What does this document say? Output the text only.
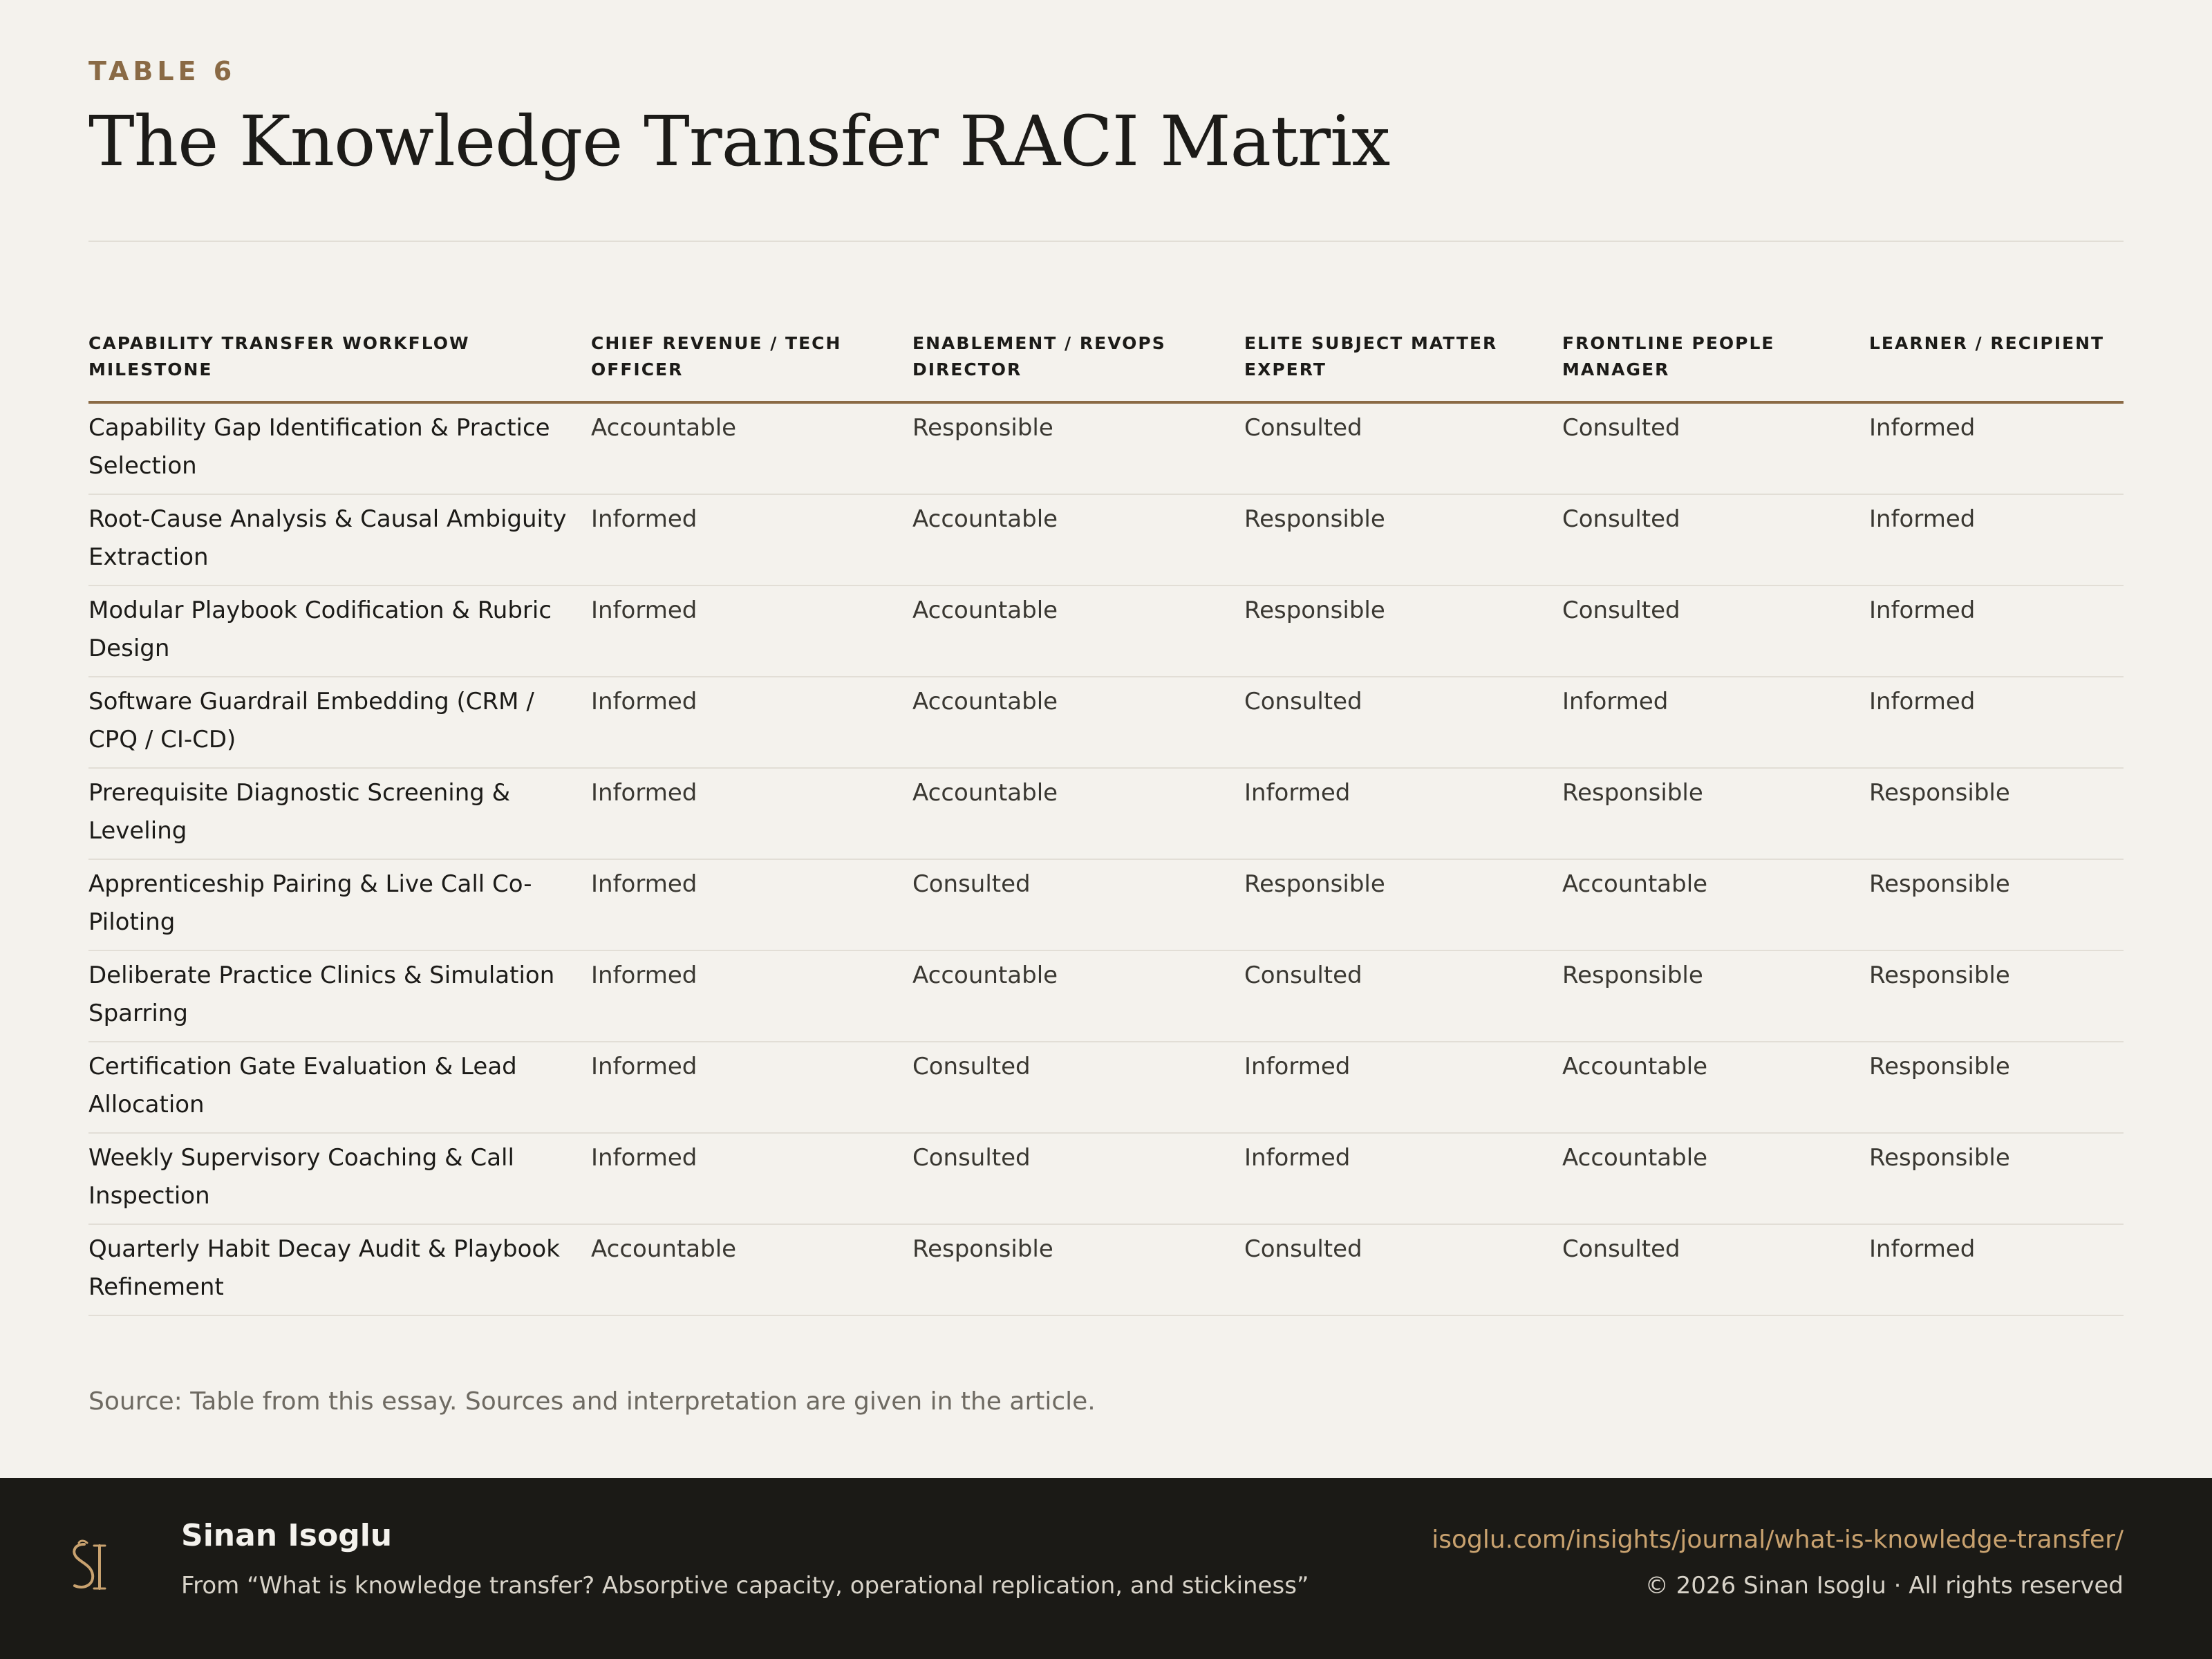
TABLE 6
The Knowledge Transfer RACI Matrix
CAPABILITY TRANSFER WORKFLOW MILESTONE	CHIEF REVENUE / TECH OFFICER	ENABLEMENT / REVOPS DIRECTOR	ELITE SUBJECT MATTER EXPERT	FRONTLINE PEOPLE MANAGER	LEARNER / RECIPIENT
Capability Gap Identification & Practice Selection	Accountable	Responsible	Consulted	Consulted	Informed
Root-Cause Analysis & Causal Ambiguity Extraction	Informed	Accountable	Responsible	Consulted	Informed
Modular Playbook Codification & Rubric Design	Informed	Accountable	Responsible	Consulted	Informed
Software Guardrail Embedding (CRM / CPQ / CI-CD)	Informed	Accountable	Consulted	Informed	Informed
Prerequisite Diagnostic Screening & Leveling	Informed	Accountable	Informed	Responsible	Responsible
Apprenticeship Pairing & Live Call Co-Piloting	Informed	Consulted	Responsible	Accountable	Responsible
Deliberate Practice Clinics & Simulation Sparring	Informed	Accountable	Consulted	Responsible	Responsible
Certification Gate Evaluation & Lead Allocation	Informed	Consulted	Informed	Accountable	Responsible
Weekly Supervisory Coaching & Call Inspection	Informed	Consulted	Informed	Accountable	Responsible
Quarterly Habit Decay Audit & Playbook Refinement	Accountable	Responsible	Consulted	Consulted	Informed
Source: Table from this essay. Sources and interpretation are given in the article.
Sinan Isoglu
From “What is knowledge transfer? Absorptive capacity, operational replication, and stickiness”
isoglu.com/insights/journal/what-is-knowledge-transfer/
© 2026 Sinan Isoglu · All rights reserved
